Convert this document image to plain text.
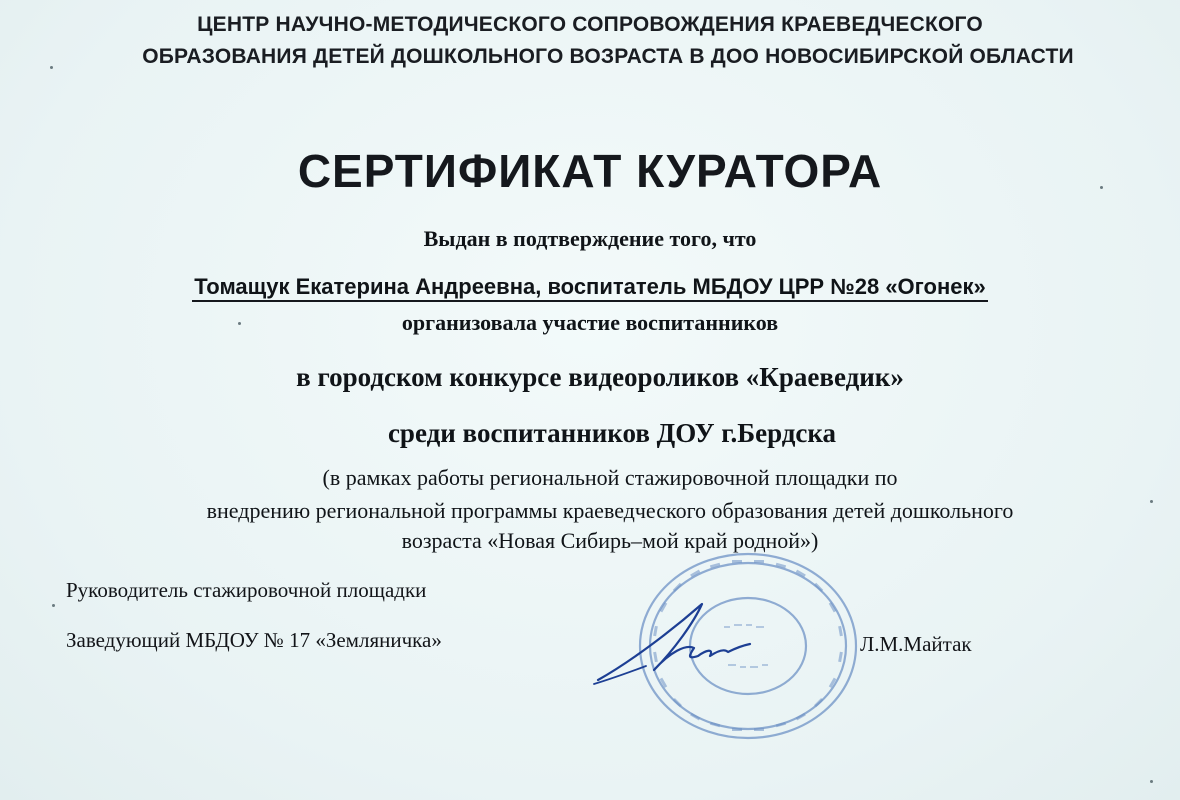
ЦЕНТР НАУЧНО-МЕТОДИЧЕСКОГО СОПРОВОЖДЕНИЯ КРАЕВЕДЧЕСКОГО
ОБРАЗОВАНИЯ ДЕТЕЙ ДОШКОЛЬНОГО ВОЗРАСТА В ДОО НОВОСИБИРСКОЙ ОБЛАСТИ
СЕРТИФИКАТ КУРАТОРА
Выдан в подтверждение того, что
Томащук Екатерина Андреевна, воспитатель МБДОУ ЦРР №28 «Огонек»
организовала участие воспитанников
в городском конкурсе видеороликов «Краеведик»
среди воспитанников ДОУ г.Бердска
(в рамках работы региональной стажировочной площадки по
внедрению региональной программы краеведческого образования детей дошкольного
возраста «Новая Сибирь–мой край родной»)
Руководитель стажировочной площадки
Заведующий МБДОУ № 17 «Земляничка»	Л.М.Майтак
